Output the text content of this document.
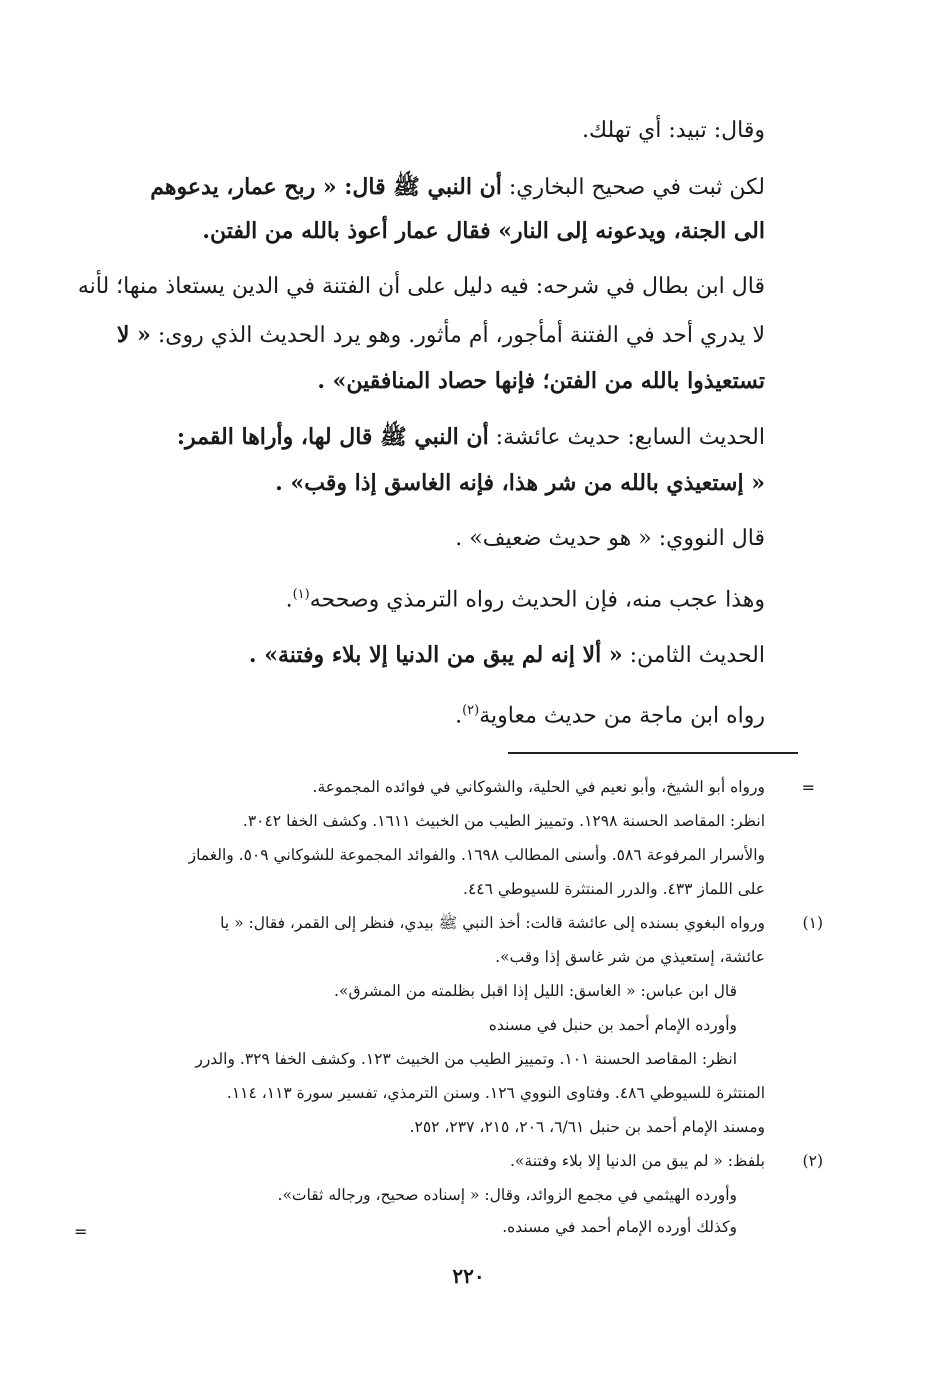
وقال: تبيد: أي تهلك.
لكن ثبت في صحيح البخاري: أن النبي ﷺ قال: « ربح عمار، يدعوهم
الى الجنة، ويدعونه إلى النار» فقال عمار أعوذ بالله من الفتن.
قال ابن بطال في شرحه: فيه دليل على أن الفتنة في الدين يستعاذ منها؛ لأنه
لا يدري أحد في الفتنة أمأجور، أم مأثور. وهو يرد الحديث الذي روى: « لا
تستعيذوا بالله من الفتن؛ فإنها حصاد المنافقين» .
الحديث السابع: حديث عائشة: أن النبي ﷺ قال لها، وأراها القمر:
« إستعيذي بالله من شر هذا، فإنه الغاسق إذا وقب» .
قال النووي: « هو حديث ضعيف» .
وهذا عجب منه، فإن الحديث رواه الترمذي وصححه$^{(١)}$.
الحديث الثامن: « ألا إنه لم يبق من الدنيا إلا بلاء وفتنة» .
رواه ابن ماجة من حديث معاوية$^{(٢)}$.
=
ورواه أبو الشيخ، وأبو نعيم في الحلية، والشوكاني في فوائده المجموعة.
انظر: المقاصد الحسنة ١٢٩٨. وتمييز الطيب من الخبيث ١٦١١. وكشف الخفا ٣٠٤٢.
والأسرار المرفوعة ٥٨٦. وأسنى المطالب ١٦٩٨. والفوائد المجموعة للشوكاني ٥٠٩. والغماز
على اللماز ٤٣٣. والدرر المنتثرة للسيوطي ٤٤٦.
(١)
ورواه البغوي بسنده إلى عائشة قالت: أخذ النبي ﷺ بيدي، فنظر إلى القمر، فقال: « يا
عائشة، إستعيذي من شر غاسق إذا وقب».
قال ابن عباس: « الغاسق: الليل إذا اقبل بظلمته من المشرق».
وأورده الإمام أحمد بن حنبل في مسنده
انظر: المقاصد الحسنة ١٠١. وتمييز الطيب من الخبيث ١٢٣. وكشف الخفا ٣٢٩. والدرر
المنتثرة للسيوطي ٤٨٦. وفتاوى النووي ١٢٦. وسنن الترمذي، تفسير سورة ١١٣، ١١٤.
ومسند الإمام أحمد بن حنبل ٦/٦١، ٢٠٦، ٢١٥، ٢٣٧، ٢٥٢.
(٢)
بلفظ: « لم يبق من الدنيا إلا بلاء وفتنة».
وأورده الهيثمي في مجمع الزوائد، وقال: « إسناده صحيح، ورجاله ثقات».
وكذلك أورده الإمام أحمد في مسنده.
=
٢٢٠
